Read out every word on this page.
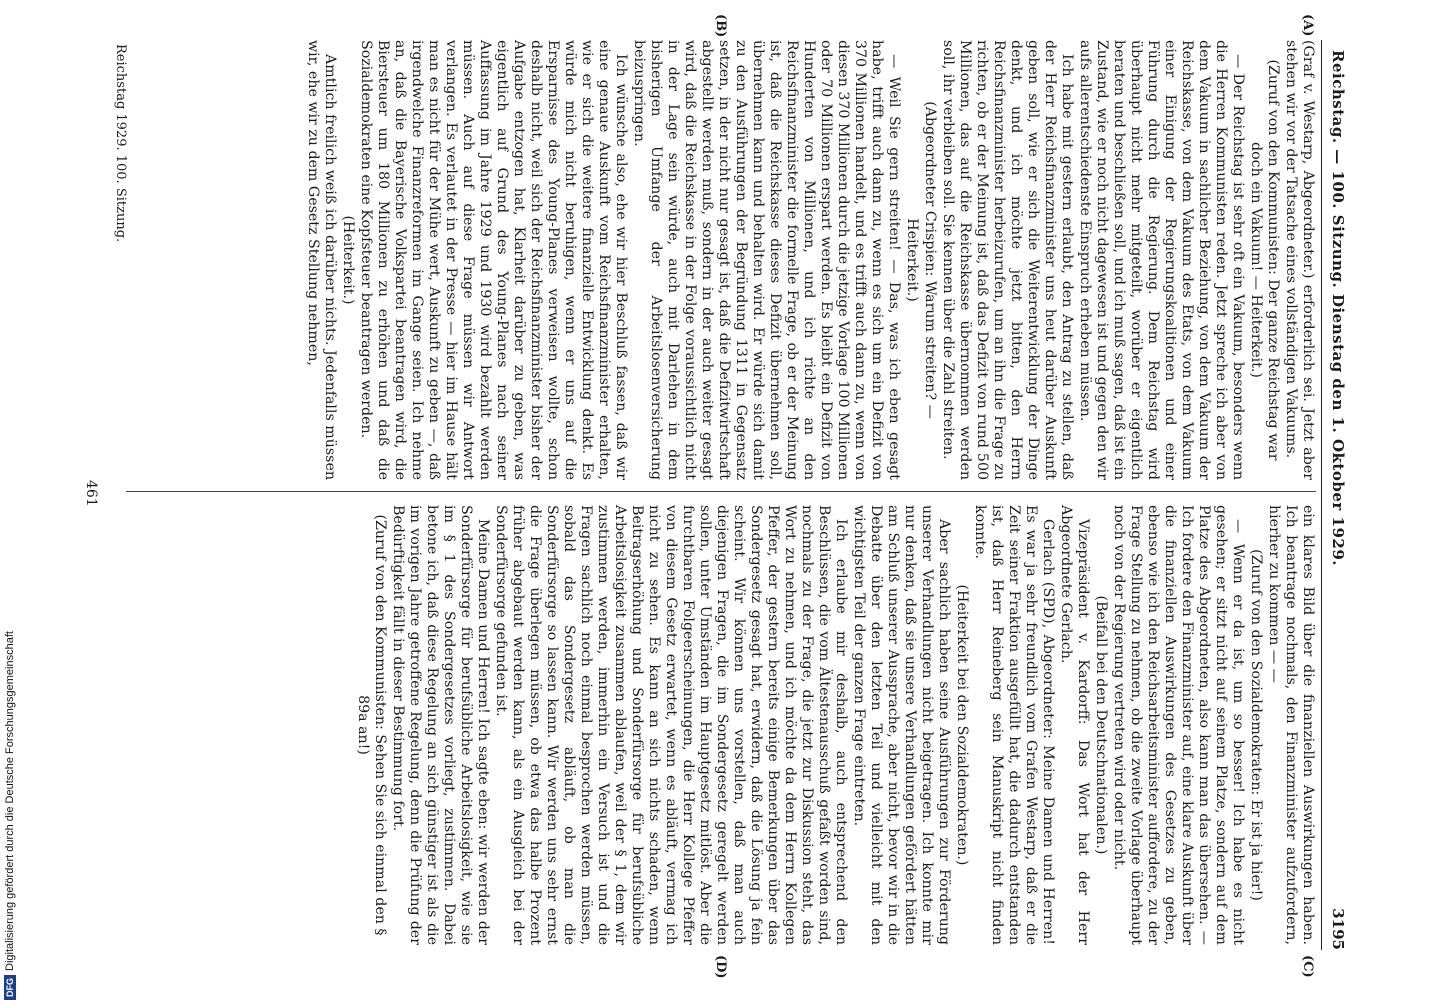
Reichstag. — 100. Sitzung. Dienstag den 1. Oktober 1929.
3195
(A)
(B)
(C)
(D)

(Graf v. Westarp, Abgeordneter.) erforderlich sei. Jetzt aber stehen wir vor der Tatsache eines vollständigen Vakuums.

(Zuruf von den Kommunisten: Der ganze Reichstag war doch ein Vakuum! — Heiterkeit.)

— Der Reichstag ist sehr oft ein Vakuum, besonders wenn die Herren Kommunisten reden. Jetzt spreche ich aber von dem Vakuum in sachlicher Beziehung, von dem Vakuum der Reichskasse, von dem Vakuum des Etats, von dem Vakuum einer Einigung der Regierungskoalitionen und einer Führung durch die Regierung. Dem Reichstag wird überhaupt nicht mehr mitgeteilt, worüber er eigentlich beraten und beschließen soll, und ich muß sagen, daß ist ein Zustand, wie er noch nicht dagewesen ist und gegen den wir aufs allerentschiedenste Einspruch erheben müssen.

Ich habe mit gestern erlaubt, den Antrag zu stellen, daß der Herr Reichsfinanzminister uns heut darüber Auskunft geben soll, wie er sich die Weiterentwicklung der Dinge denkt, und ich möchte jetzt bitten, den Herrn Reichsfinanzminister herbeizurufen, um an ihn die Frage zu richten, ob er der Meinung ist, daß das Defizit von rund 500 Millionen, das auf die Reichskasse übernommen werden soll, ihr verbleiben soll. Sie kennen über die Zahl streiten.

(Abgeordneter Crispien: Warum streiten? —

Heiterkeit.)

— Weil Sie gern streiten! — Das, was ich eben gesagt habe, trifft auch dann zu, wenn es sich um ein Defizit von 370 Millionen handelt, und es trifft auch dann zu, wenn von diesen 370 Millionen durch die jetzige Vorlage 100 Millionen oder 70 Millionen erspart werden. Es bleibt ein Defizit von Hunderten von Millionen, und ich richte an den Reichsfinanzminister die formelle Frage, ob er der Meinung ist, daß die Reichskasse dieses Defizit übernehmen soll, übernehmen kann und behalten wird. Er würde sich damit zu den Ausführungen der Begründung 1311 in Gegensatz setzen, in der nicht nur gesagt ist, daß die Defizitwirtschaft abgestellt werden muß, sondern in der auch weiter gesagt wird, daß die Reichskasse in der Folge voraussichtlich nicht in der Lage sein würde, auch mit Darlehen in dem bisherigen Umfange der Arbeitslosenversicherung beizuspringen.

Ich wünsche also, ehe wir hier Beschluß fassen, daß wir eine genaue Auskunft vom Reichsfinanzminister erhalten, wie er sich die weitere finanzielle Entwicklung denkt. Es würde mich nicht beruhigen, wenn er uns auf die Ersparnisse des Young-Planes verweisen wollte, schon deshalb nicht, weil sich der Reichsfinanzminister bisher der Aufgabe entzogen hat, Klarheit darüber zu geben, was eigentlich auf Grund des Young-Planes nach seiner Auffassung im Jahre 1929 und 1930 wird bezahlt werden müssen. Auch auf diese Frage müssen wir Antwort verlangen. Es verlautet in der Presse — hier im Hause hält man es nicht für der Mühe wert, Auskunft zu geben —, daß irgendwelche Finanzreformen im Gange seien. Ich nehme an, daß die Bayerische Volkspartei beantragen wird, die Biersteuer um 180 Millionen zu erhöhen und daß die Sozialdemokraten eine Kopfsteuer beantragen werden.

(Heiterkeit.)

Amtlich freilich weiß ich darüber nichts. Jedenfalls müssen wir, ehe wir zu dem Gesetz Stellung nehmen,

ein klares Bild über die finanziellen Auswirkungen haben. Ich beantrage nochmals, den Finanzminister aufzufordern, hierher zu kommen — —

(Zuruf von den Sozialdemokraten: Er ist ja hier!)

— Wenn er da ist, um so besser! Ich habe es nicht gesehen; er sitzt nicht auf seinem Platze, sondern auf dem Platze des Abgeordneten, also kann man das übersehen. — Ich fordere den Finanzminister auf, eine klare Auskunft über die finanziellen Auswirkungen des Gesetzes zu geben, ebenso wie ich den Reichsarbeitsminister auffordere, zu der Frage Stellung zu nehmen, ob die zweite Vorlage überhaupt noch von der Regierung vertreten wird oder nicht.

(Beifall bei den Deutschnationalen.)

Vizepräsident v. Kardorff: Das Wort hat der Herr Abgeordnete Gerlach.

Gerlach (SPD), Abgeordneter: Meine Damen und Herren! Es war ja sehr freundlich vom Grafen Westarp, daß er die Zeit seiner Fraktion ausgefüllt hat, die dadurch entstanden ist, daß Herr Reineberg sein Manuskript nicht finden konnte.

(Heiterkeit bei den Sozialdemokraten.)

Aber sachlich haben seine Ausführungen zur Förderung unserer Verhandlungen nicht beigetragen. Ich konnte mir nur denken, daß sie unsere Verhandlungen gefördert hätten am Schluß unserer Aussprache, aber nicht, bevor wir in die Debatte über den letzten Teil und vielleicht mit den wichtigsten Teil der ganzen Frage eintreten.

Ich erlaube mir deshalb, auch entsprechend den Beschlüssen, die vom Ältestenausschuß gefaßt worden sind, nochmals zu der Frage, die jetzt zur Diskussion steht, das Wort zu nehmen, und ich möchte da dem Herrn Kollegen Pfeffer, der gestern bereits einige Bemerkungen über das Sondergesetz gesagt hat, erwidern, daß die Lösung ja fein scheint. Wir können uns vorstellen, daß man auch diejenigen Fragen, die im Sondergesetz geregelt werden sollen, unter Umständen im Hauptgesetz mitlöst. Aber die furchtbaren Folgeerscheinungen, die Herr Kollege Pfeffer von diesem Gesetz erwartet, wenn es abläuft, vermag ich nicht zu sehen. Es kann an sich nichts schaden, wenn Beitragserhöhung und Sonderfürsorge für berufsübliche Arbeitslosigkeit zusammen ablaufen, weil der § 1, dem wir zustimmen werden, immerhin ein Versuch ist und die Fragen sachlich noch einmal besprochen werden müssen, sobald das Sondergesetz abläuft, ob man die Sonderfürsorge so lassen kann. Wir werden uns sehr ernst die Frage überlegen müssen, ob etwa das halbe Prozent früher abgebaut werden kann, als ein Ausgleich bei der Sonderfürsorge gefunden ist.

Meine Damen und Herren! Ich sagte eben: wir werden der Sonderfürsorge für berufsübliche Arbeitslosigkeit, wie sie im § 1 des Sondergesetzes vorliegt, zustimmen. Dabei betone ich, daß diese Regelung an sich günstiger ist als die im vorigen Jahre getroffene Regelung, denn die Prüfung der Bedürftigkeit fällt in dieser Bestimmung fort.

(Zuruf von den Kommunisten: Sehen Sie sich einmal den § 89a an!)

Reichstag 1929. 100. Sitzung.
461
DFGDigitalisierung gefördert durch die Deutsche Forschungsgemeinschaft
